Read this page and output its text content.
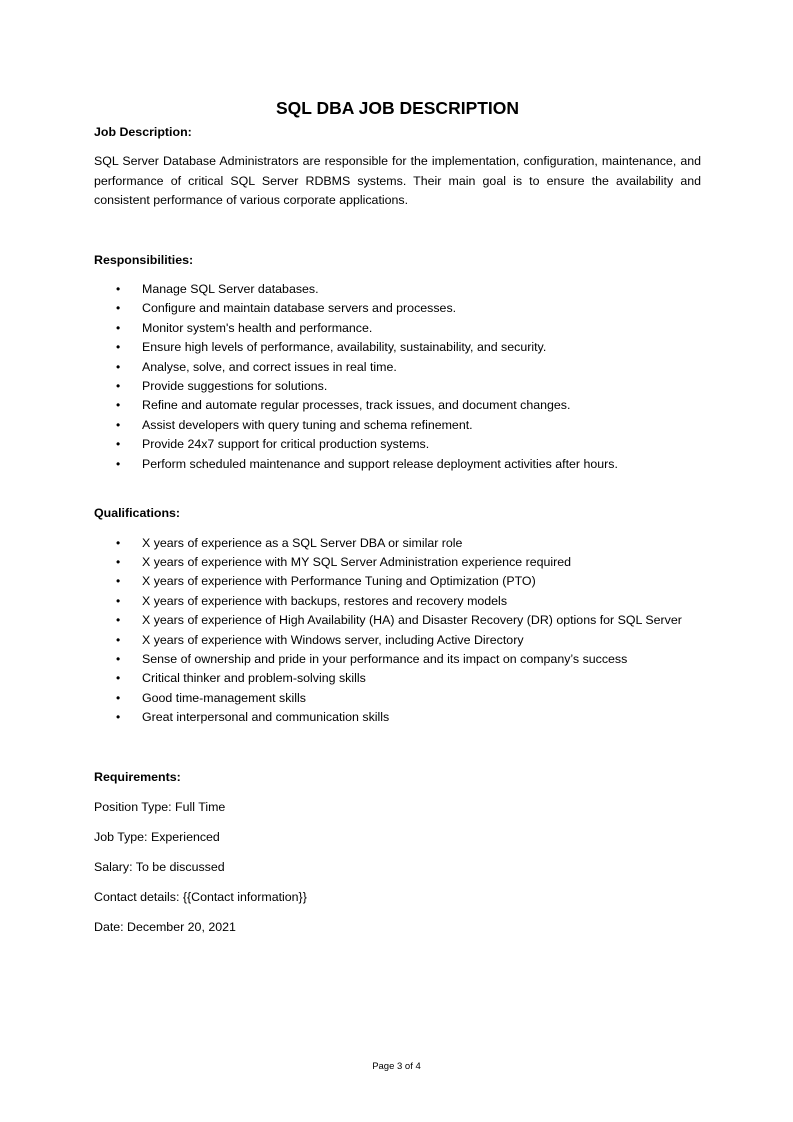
SQL DBA JOB DESCRIPTION

Job Description:

SQL Server Database Administrators are responsible for the implementation, configuration, maintenance, and performance of critical SQL Server RDBMS systems. Their main goal is to ensure the availability and consistent performance of various corporate applications.

Responsibilities:

• Manage SQL Server databases.
• Configure and maintain database servers and processes.
• Monitor system's health and performance.
• Ensure high levels of performance, availability, sustainability, and security.
• Analyse, solve, and correct issues in real time.
• Provide suggestions for solutions.
• Refine and automate regular processes, track issues, and document changes.
• Assist developers with query tuning and schema refinement.
• Provide 24x7 support for critical production systems.
• Perform scheduled maintenance and support release deployment activities after hours.

Qualifications:

• X years of experience as a SQL Server DBA or similar role
• X years of experience with MY SQL Server Administration experience required
• X years of experience with Performance Tuning and Optimization (PTO)
• X years of experience with backups, restores and recovery models
• X years of experience of High Availability (HA) and Disaster Recovery (DR) options for SQL Server
• X years of experience with Windows server, including Active Directory
• Sense of ownership and pride in your performance and its impact on company’s success
• Critical thinker and problem-solving skills
• Good time-management skills
• Great interpersonal and communication skills

Requirements:

Position Type: Full Time

Job Type: Experienced

Salary: To be discussed

Contact details: {{Contact information}}

Date: December 20, 2021

Page 3 of 4
